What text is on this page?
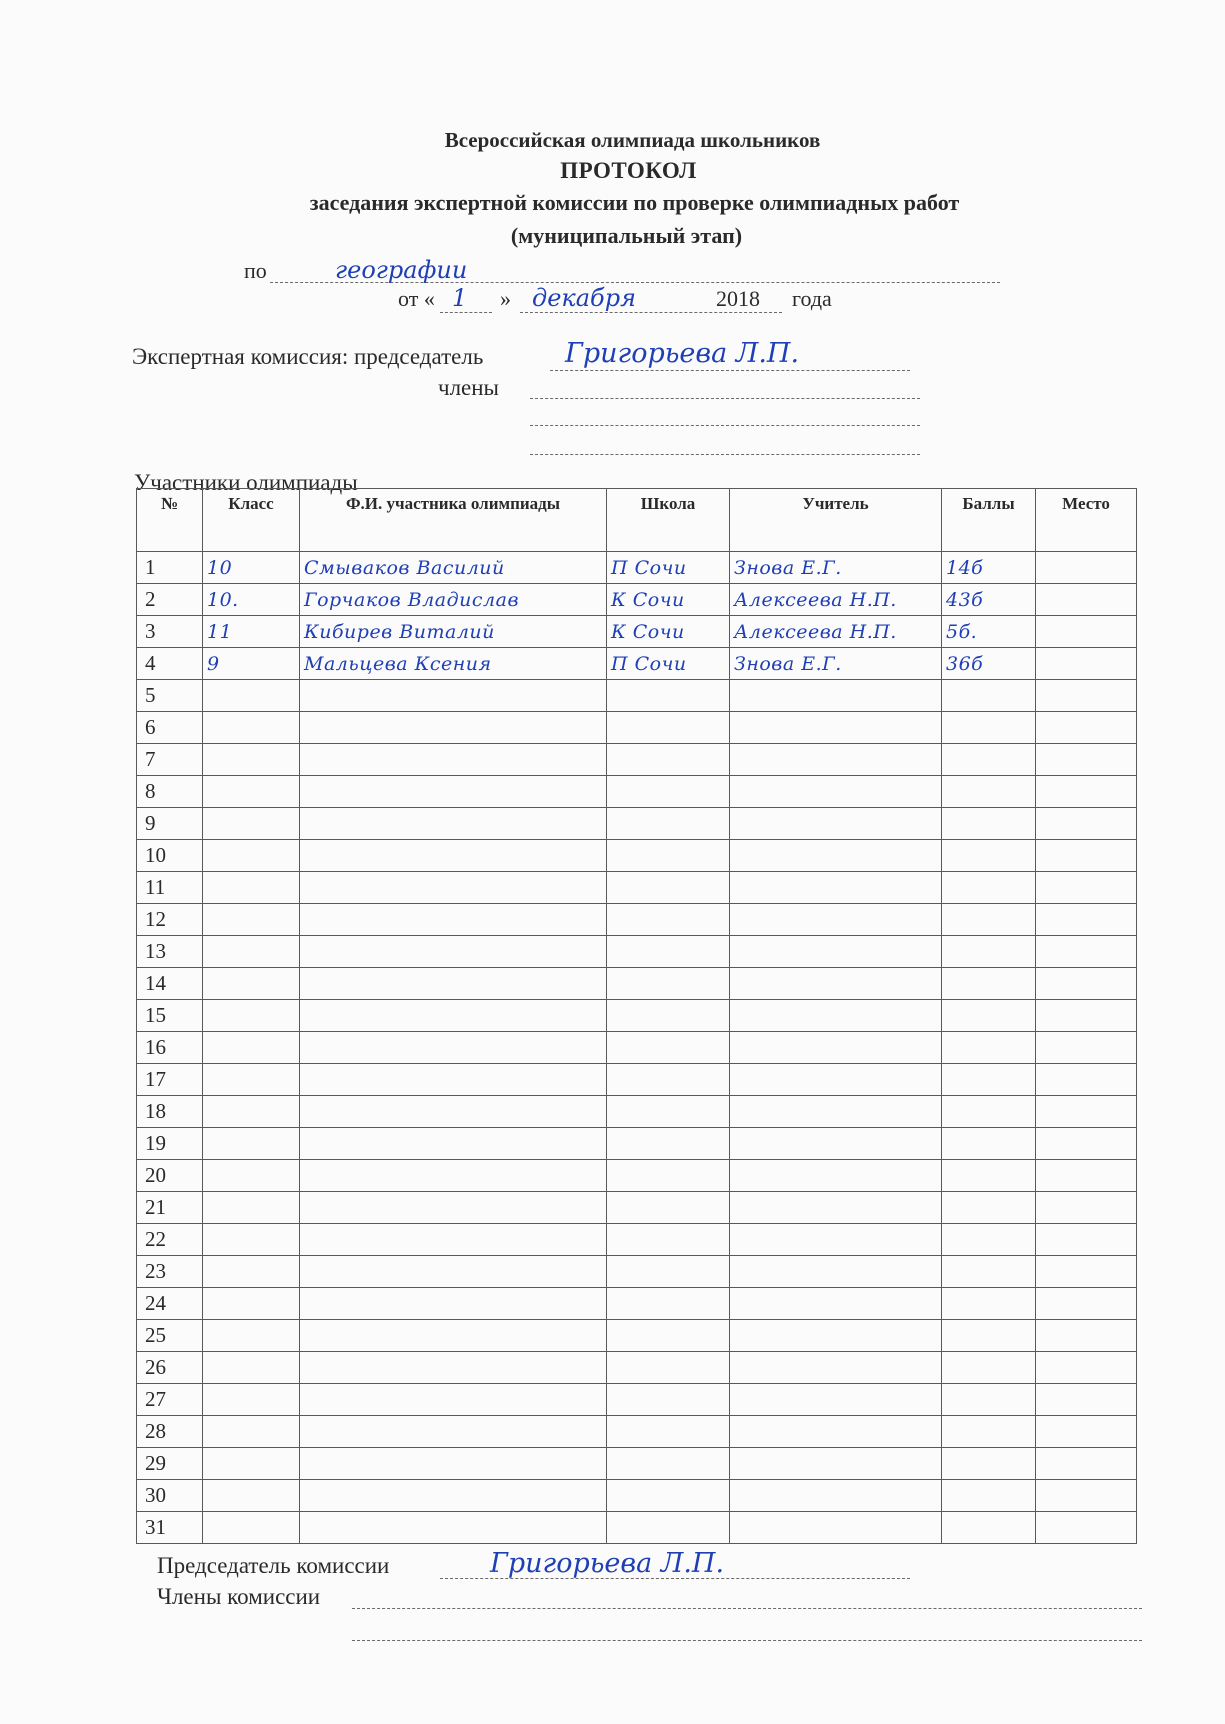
Всероссийская олимпиада школьников
ПРОТОКОЛ
заседания экспертной комиссии по проверке олимпиадных работ
(муниципальный этап)
по	географии
от « 1 » декабря	2018 года
Экспертная комиссия: председатель	Григорьева Л.П.
члены
Участники олимпиады
№	Класс	Ф.И. участника олимпиады	Школа	Учитель	Баллы	Место
1	10	Смываков Василий	П Сочи	Знова Е.Г.	14б	
2	10.	Горчаков Владислав	К Сочи	Алексеева Н.П.	43б	
3	11	Кибирев Виталий	К Сочи	Алексеева Н.П.	5б.	
4	9	Мальцева Ксения	П Сочи	Знова Е.Г.	36б	
5						
6						
7						
8						
9						
10						
11						
12						
13						
14						
15						
16						
17						
18						
19						
20						
21						
22						
23						
24						
25						
26						
27						
28						
29						
30						
31						
Председатель комиссии	Григорьева Л.П.
Члены комиссии
